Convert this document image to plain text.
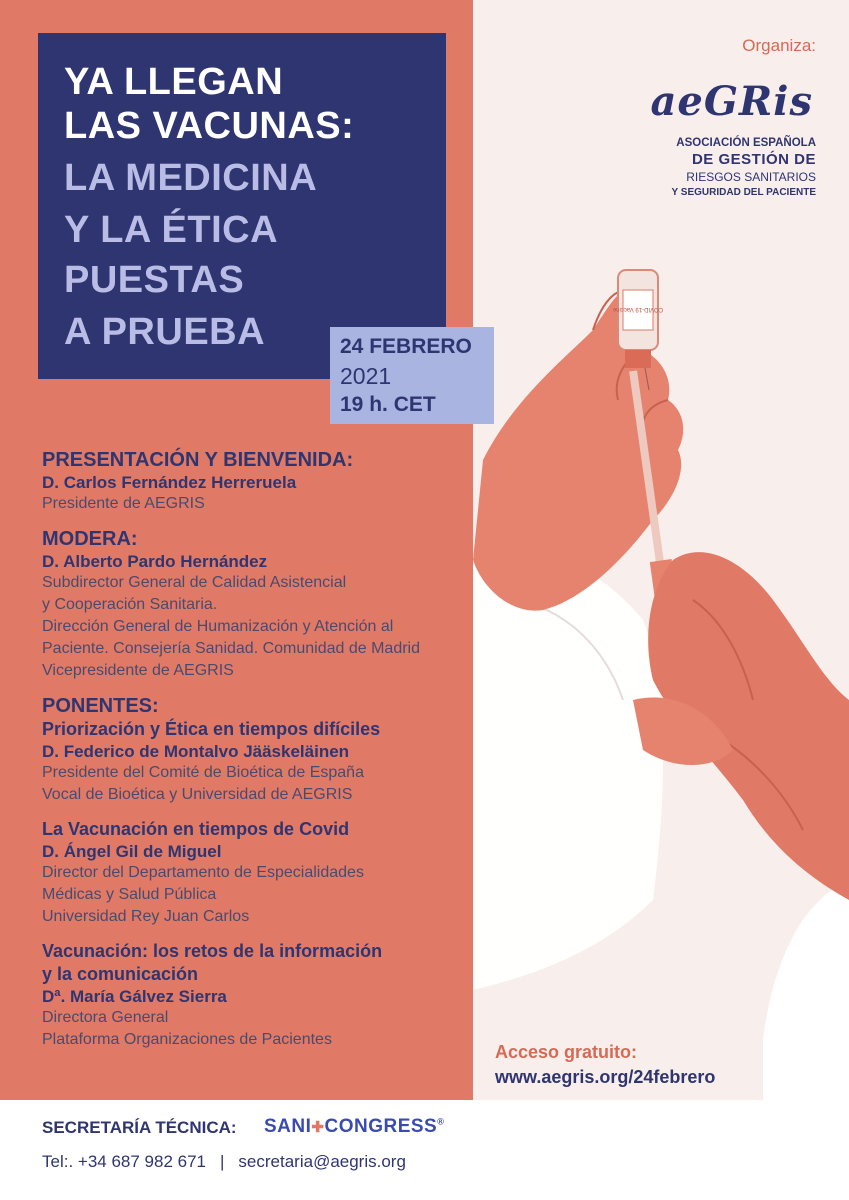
COVID-19 Vaccine
YA LLEGAN
LAS VACUNAS:
LA MEDICINA
Y LA ÉTICA
PUESTAS
A PRUEBA	24 FEBRERO
2021
19 h. CET
Organiza:
aeGRis
ASOCIACIÓN ESPAÑOLA
DE GESTIÓN DE
RIESGOS SANITARIOS
Y SEGURIDAD DEL PACIENTE
PRESENTACIÓN Y BIENVENIDA:
D. Carlos Fernández Herreruela
Presidente de AEGRIS
MODERA:
D. Alberto Pardo Hernández
Subdirector General de Calidad Asistencial
y Cooperación Sanitaria.
Dirección General de Humanización y Atención al
Paciente. Consejería Sanidad. Comunidad de Madrid
Vicepresidente de AEGRIS
PONENTES:
Priorización y Ética en tiempos difíciles
D. Federico de Montalvo Jääskeläinen
Presidente del Comité de Bioética de España
Vocal de Bioética y Universidad de AEGRIS
La Vacunación en tiempos de Covid
D. Ángel Gil de Miguel
Director del Departamento de Especialidades
Médicas y Salud Pública
Universidad Rey Juan Carlos
Vacunación: los retos de la información
y la comunicación
Dª. María Gálvez Sierra
Directora General
Plataforma Organizaciones de Pacientes
Acceso gratuito:
www.aegris.org/24febrero
SECRETARÍA TÉCNICA: SANI✚CONGRESS®
Tel:. +34 687 982 671 | secretaria@aegris.org
